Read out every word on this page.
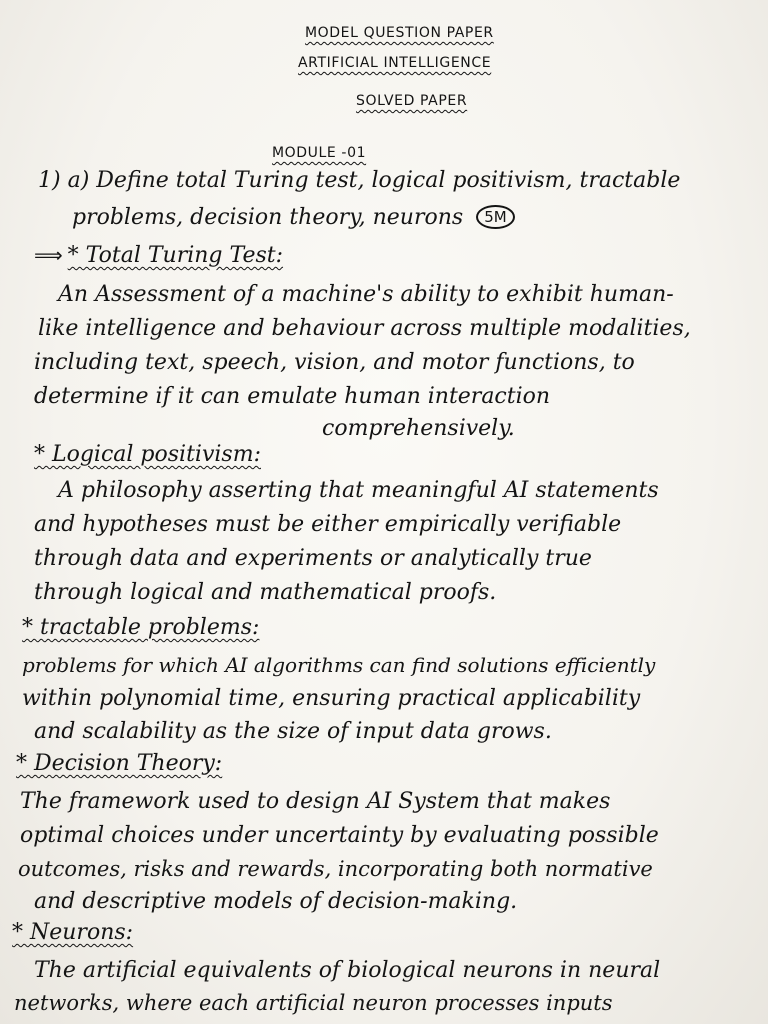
MODEL QUESTION PAPER
ARTIFICIAL INTELLIGENCE
SOLVED PAPER
MODULE -01
1) a) Define total Turing test, logical positivism, tractable
problems, decision theory, neurons 5M
⟹ * Total Turing Test:
An Assessment of a machine's ability to exhibit human-
like intelligence and behaviour across multiple modalities,
including text, speech, vision, and motor functions, to
determine if it can emulate human interaction
comprehensively.
* Logical positivism:
A philosophy asserting that meaningful AI statements
and hypotheses must be either empirically verifiable
through data and experiments or analytically true
through logical and mathematical proofs.
* tractable problems:
problems for which AI algorithms can find solutions efficiently
within polynomial time, ensuring practical applicability
and scalability as the size of input data grows.
* Decision Theory:
The framework used to design AI System that makes
optimal choices under uncertainty by evaluating possible
outcomes, risks and rewards, incorporating both normative
and descriptive models of decision-making.
* Neurons:
The artificial equivalents of biological neurons in neural
networks, where each artificial neuron processes inputs
